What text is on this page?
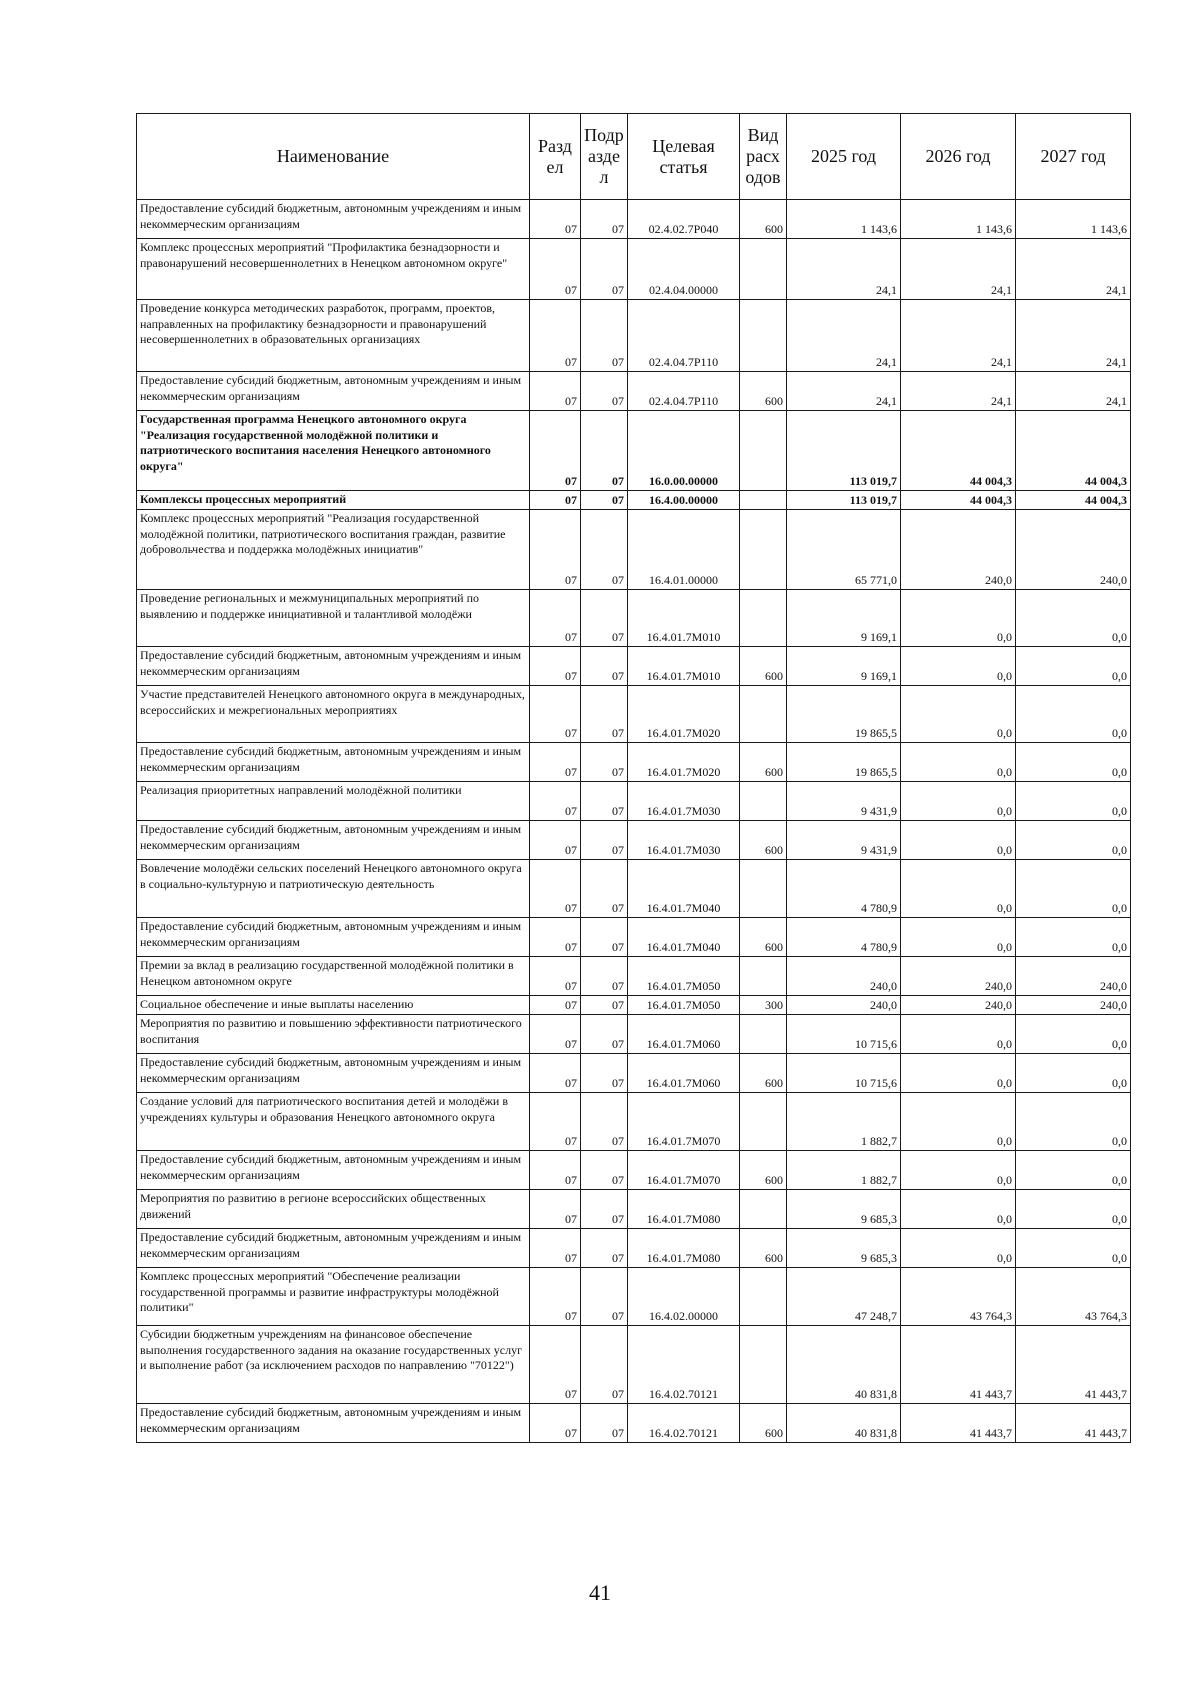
Наименование	Разд ел	Подр азде л	Целевая статья	Вид расх одов	2025 год	2026 год	2027 год
Предоставление субсидий бюджетным, автономным учреждениям и иным некоммерческим организациям	07	07	02.4.02.7P040	600	1 143,6	1 143,6	1 143,6
Комплекс процессных мероприятий "Профилактика безнадзорности и правонарушений несовершеннолетних в Ненецком автономном округе"	07	07	02.4.04.00000		24,1	24,1	24,1
Проведение конкурса методических разработок, программ, проектов, направленных на профилактику безнадзорности и правонарушений несовершеннолетних в образовательных организациях	07	07	02.4.04.7P110		24,1	24,1	24,1
Предоставление субсидий бюджетным, автономным учреждениям и иным некоммерческим организациям	07	07	02.4.04.7P110	600	24,1	24,1	24,1
Государственная программа Ненецкого автономного округа "Реализация государственной молодёжной политики и патриотического воспитания населения Ненецкого автономного округа"	07	07	16.0.00.00000		113 019,7	44 004,3	44 004,3
Комплексы процессных мероприятий	07	07	16.4.00.00000		113 019,7	44 004,3	44 004,3
Комплекс процессных мероприятий "Реализация государственной молодёжной политики, патриотического воспитания граждан, развитие добровольчества и поддержка молодёжных инициатив"	07	07	16.4.01.00000		65 771,0	240,0	240,0
Проведение региональных и межмуниципальных мероприятий по выявлению и поддержке инициативной и талантливой молодёжи	07	07	16.4.01.7M010		9 169,1	0,0	0,0
Предоставление субсидий бюджетным, автономным учреждениям и иным некоммерческим организациям	07	07	16.4.01.7M010	600	9 169,1	0,0	0,0
Участие представителей Ненецкого автономного округа в международных, всероссийских и межрегиональных мероприятиях	07	07	16.4.01.7M020		19 865,5	0,0	0,0
Предоставление субсидий бюджетным, автономным учреждениям и иным некоммерческим организациям	07	07	16.4.01.7M020	600	19 865,5	0,0	0,0
Реализация приоритетных направлений молодёжной политики	07	07	16.4.01.7M030		9 431,9	0,0	0,0
Предоставление субсидий бюджетным, автономным учреждениям и иным некоммерческим организациям	07	07	16.4.01.7M030	600	9 431,9	0,0	0,0
Вовлечение молодёжи сельских поселений Ненецкого автономного округа в социально-культурную и патриотическую деятельность	07	07	16.4.01.7M040		4 780,9	0,0	0,0
Предоставление субсидий бюджетным, автономным учреждениям и иным некоммерческим организациям	07	07	16.4.01.7M040	600	4 780,9	0,0	0,0
Премии за вклад в реализацию государственной молодёжной политики в Ненецком автономном округе	07	07	16.4.01.7M050		240,0	240,0	240,0
Социальное обеспечение и иные выплаты населению	07	07	16.4.01.7M050	300	240,0	240,0	240,0
Мероприятия по развитию и повышению эффективности патриотического воспитания	07	07	16.4.01.7M060		10 715,6	0,0	0,0
Предоставление субсидий бюджетным, автономным учреждениям и иным некоммерческим организациям	07	07	16.4.01.7M060	600	10 715,6	0,0	0,0
Создание условий для патриотического воспитания детей и молодёжи в учреждениях культуры и образования Ненецкого автономного округа	07	07	16.4.01.7M070		1 882,7	0,0	0,0
Предоставление субсидий бюджетным, автономным учреждениям и иным некоммерческим организациям	07	07	16.4.01.7M070	600	1 882,7	0,0	0,0
Мероприятия по развитию в регионе всероссийских общественных движений	07	07	16.4.01.7M080		9 685,3	0,0	0,0
Предоставление субсидий бюджетным, автономным учреждениям и иным некоммерческим организациям	07	07	16.4.01.7M080	600	9 685,3	0,0	0,0
Комплекс процессных мероприятий "Обеспечение реализации государственной программы и развитие инфраструктуры молодёжной политики"	07	07	16.4.02.00000		47 248,7	43 764,3	43 764,3
Субсидии бюджетным учреждениям на финансовое обеспечение выполнения государственного задания на оказание государственных услуг и выполнение работ (за исключением расходов по направлению "70122")	07	07	16.4.02.70121		40 831,8	41 443,7	41 443,7
Предоставление субсидий бюджетным, автономным учреждениям и иным некоммерческим организациям	07	07	16.4.02.70121	600	40 831,8	41 443,7	41 443,7
41
